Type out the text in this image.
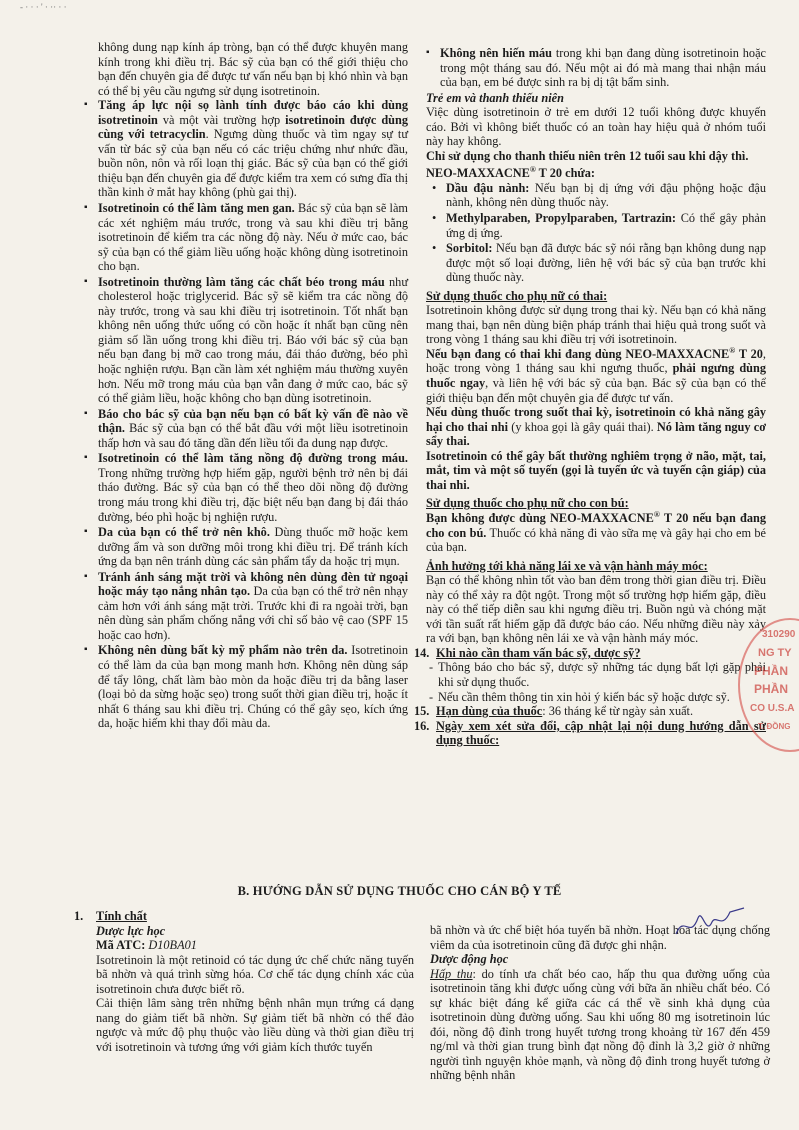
- · · · ' · ·· · ·

không dung nạp kính áp tròng, bạn có thể được khuyên mang kính trong khi điều trị. Bác sỹ của bạn có thể giới thiệu cho bạn đến chuyên gia để được tư vấn nếu bạn bị khó nhìn và bạn có thể bị yêu cầu ngưng sử dụng isotretinoin.

▪ Tăng áp lực nội sọ lành tính được báo cáo khi dùng isotretinoin và một vài trường hợp isotretinoin được dùng cùng với tetracyclin. Ngưng dùng thuốc và tìm ngay sự tư vấn từ bác sỹ của bạn nếu có các triệu chứng như nhức đầu, buồn nôn, nôn và rối loạn thị giác. Bác sỹ của bạn có thể giới thiệu bạn đến chuyên gia để được kiểm tra xem có sưng đĩa thị thần kinh ở mắt hay không (phù gai thị).

▪ Isotretinoin có thể làm tăng men gan. Bác sỹ của bạn sẽ làm các xét nghiệm máu trước, trong và sau khi điều trị bằng isotretinoin để kiểm tra các nồng độ này. Nếu ở mức cao, bác sỹ của bạn có thể giảm liều uống hoặc không dùng isotretinoin cho bạn.

▪ Isotretinoin thường làm tăng các chất béo trong máu như cholesterol hoặc triglycerid. Bác sỹ sẽ kiểm tra các nồng độ này trước, trong và sau khi điều trị isotretinoin. Tốt nhất bạn không nên uống thức uống có cồn hoặc ít nhất bạn cũng nên giảm số lần uống trong khi điều trị. Báo với bác sỹ của bạn nếu bạn đang bị mỡ cao trong máu, đái tháo đường, béo phì hoặc nghiện rượu. Bạn cần làm xét nghiệm máu thường xuyên hơn. Nếu mỡ trong máu của bạn vẫn đang ở mức cao, bác sỹ có thể giảm liều, hoặc không cho bạn dùng isotretinoin.

▪ Báo cho bác sỹ của bạn nếu bạn có bất kỳ vấn đề nào về thận. Bác sỹ của bạn có thể bắt đầu với một liều isotretinoin thấp hơn và sau đó tăng dần đến liều tối đa dung nạp được.

▪ Isotretinoin có thể làm tăng nồng độ đường trong máu. Trong những trường hợp hiếm gặp, người bệnh trở nên bị đái tháo đường. Bác sỹ của bạn có thể theo dõi nồng độ đường trong máu trong khi điều trị, đặc biệt nếu bạn đang bị đái tháo đường, béo phì hoặc bị nghiện rượu.

▪ Da của bạn có thể trở nên khô. Dùng thuốc mỡ hoặc kem dưỡng ẩm và son dưỡng môi trong khi điều trị. Để tránh kích ứng da bạn nên tránh dùng các sản phẩm tẩy da hoặc trị mụn.

▪ Tránh ánh sáng mặt trời và không nên dùng đèn tử ngoại hoặc máy tạo nắng nhân tạo. Da của bạn có thể trở nên nhạy cảm hơn với ánh sáng mặt trời. Trước khi đi ra ngoài trời, bạn nên dùng sản phẩm chống nắng với chỉ số bảo vệ cao (SPF 15 hoặc cao hơn).

▪ Không nên dùng bất kỳ mỹ phẩm nào trên da. Isotretinoin có thể làm da của bạn mong manh hơn. Không nên dùng sáp để tẩy lông, chất làm bào mòn da hoặc điều trị da bằng laser (loại bỏ da sừng hoặc sẹo) trong suốt thời gian điều trị, hoặc ít nhất 6 tháng sau khi điều trị. Chúng có thể gây sẹo, kích ứng da, hoặc hiếm khi thay đổi màu da.

▪ Không nên hiến máu trong khi bạn đang dùng isotretinoin hoặc trong một tháng sau đó. Nếu một ai đó mà mang thai nhận máu của bạn, em bé được sinh ra bị dị tật bẩm sinh.

Trẻ em và thanh thiếu niên

Việc dùng isotretinoin ở trẻ em dưới 12 tuổi không được khuyến cáo. Bởi vì không biết thuốc có an toàn hay hiệu quả ở nhóm tuổi này hay không.

Chỉ sử dụng cho thanh thiếu niên trên 12 tuổi sau khi dậy thì.

NEO-MAXXACNE® T 20 chứa:

• Dầu đậu nành: Nếu bạn bị dị ứng với đậu phộng hoặc đậu nành, không nên dùng thuốc này.

• Methylparaben, Propylparaben, Tartrazin: Có thể gây phản ứng dị ứng.

• Sorbitol: Nếu bạn đã được bác sỹ nói rằng bạn không dung nạp được một số loại đường, liên hệ với bác sỹ của bạn trước khi dùng thuốc này.

Sử dụng thuốc cho phụ nữ có thai:

Isotretinoin không được sử dụng trong thai kỳ. Nếu bạn có khả năng mang thai, bạn nên dùng biện pháp tránh thai hiệu quả trong suốt và trong vòng 1 tháng sau khi điều trị với isotretinoin.

Nếu bạn đang có thai khi đang dùng NEO-MAXXACNE® T 20, hoặc trong vòng 1 tháng sau khi ngưng thuốc, phải ngưng dùng thuốc ngay, và liên hệ với bác sỹ của bạn. Bác sỹ của bạn có thể giới thiệu bạn đến một chuyên gia để được tư vấn.

Nếu dùng thuốc trong suốt thai kỳ, isotretinoin có khả năng gây hại cho thai nhi (y khoa gọi là gây quái thai). Nó làm tăng nguy cơ sẩy thai.

Isotretinoin có thể gây bất thường nghiêm trọng ở não, mặt, tai, mắt, tim và một số tuyến (gọi là tuyến ức và tuyến cận giáp) của thai nhi.

Sử dụng thuốc cho phụ nữ cho con bú:

Bạn không được dùng NEO-MAXXACNE® T 20 nếu bạn đang cho con bú. Thuốc có khả năng đi vào sữa mẹ và gây hại cho em bé của bạn.

Ảnh hưởng tới khả năng lái xe và vận hành máy móc:

Bạn có thể không nhìn tốt vào ban đêm trong thời gian điều trị. Điều này có thể xảy ra đột ngột. Trong một số trường hợp hiếm gặp, điều này có thể tiếp diễn sau khi ngưng điều trị. Buồn ngủ và chóng mặt với tần suất rất hiếm gặp đã được báo cáo. Nếu những điều này xảy ra với bạn, bạn không nên lái xe và vận hành máy móc.

14. Khi nào cần tham vấn bác sỹ, dược sỹ?

- Thông báo cho bác sỹ, dược sỹ những tác dụng bất lợi gặp phải khi sử dụng thuốc.

- Nếu cần thêm thông tin xin hỏi ý kiến bác sỹ hoặc dược sỹ.

15. Hạn dùng của thuốc: 36 tháng kể từ ngày sản xuất.

16. Ngày xem xét sửa đổi, cập nhật lại nội dung hướng dẫn sử dụng thuốc:

B. HƯỚNG DẪN SỬ DỤNG THUỐC CHO CÁN BỘ Y TẾ

1. Tính chất

Dược lực học

Mã ATC: D10BA01

Isotretinoin là một retinoid có tác dụng ức chế chức năng tuyến bã nhờn và quá trình sừng hóa. Cơ chế tác dụng chính xác của isotretinoin chưa được biết rõ.

Cải thiện lâm sàng trên những bệnh nhân mụn trứng cá dạng nang do giảm tiết bã nhờn. Sự giảm tiết bã nhờn có thể đảo ngược và mức độ phụ thuộc vào liều dùng và thời gian điều trị với isotretinoin và tương ứng với giảm kích thước tuyến

bã nhờn và ức chế biệt hóa tuyến bã nhờn. Hoạt hóa tác dụng chống viêm da của isotretinoin cũng đã được ghi nhận.

Dược động học

Hấp thu: do tính ưa chất béo cao, hấp thu qua đường uống của isotretinoin tăng khi được uống cùng với bữa ăn nhiều chất béo. Có sự khác biệt đáng kể giữa các cá thể về sinh khả dụng của isotretinoin dùng đường uống. Sau khi uống 80 mg isotretinoin lúc đói, nồng độ đỉnh trong huyết tương trong khoảng từ 167 đến 459 ng/ml và thời gian trung bình đạt nồng độ đỉnh là 3,2 giờ ở những người tình nguyện khỏe mạnh, và nồng độ đỉnh trong huyết tương ở những bệnh nhân

310290
NG TY
PHẦN
PHẦN
CO U.S.A
T. ĐỒNG
